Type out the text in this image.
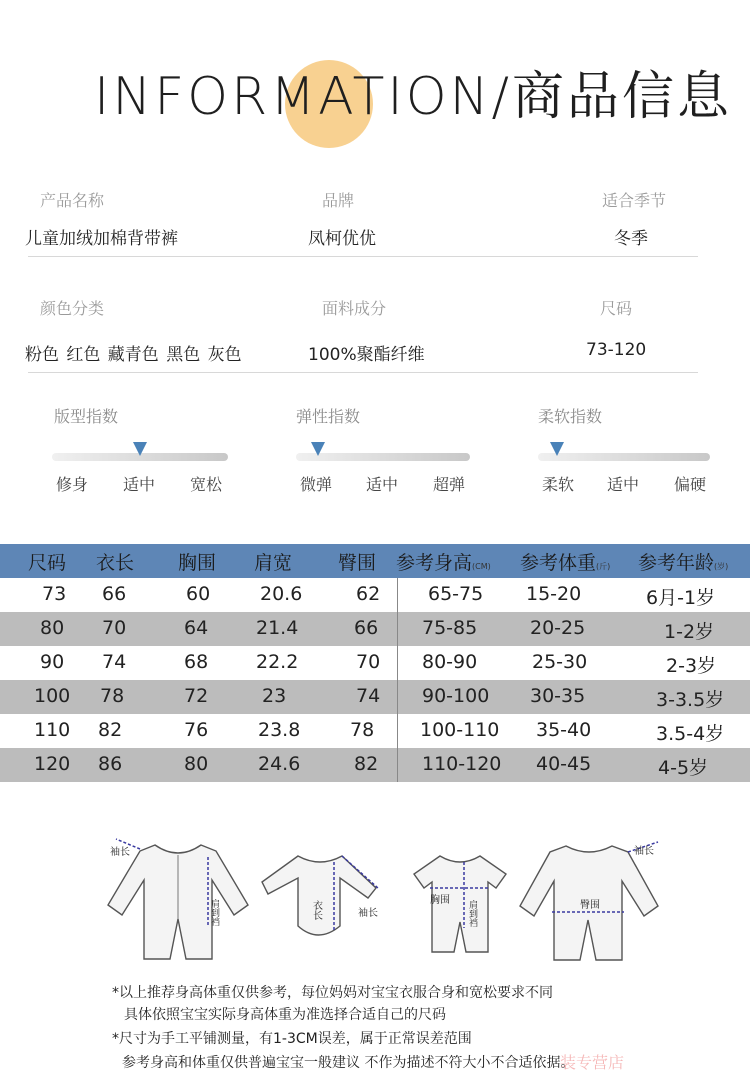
INFORMATION/商品信息
产品名称	品牌	适合季节
儿童加绒加棉背带裤	凤柯优优	冬季
颜色分类	面料成分	尺码
粉色 红色 藏青色 黑色 灰色	100%聚酯纤维	73-120
版型指数
修身 适中 宽松
弹性指数
微弹 适中 超弹
柔软指数
柔软 适中 偏硬
尺码 衣长 胸围 肩宽 臀围 参考身高(CM) 参考体重(斤) 参考年龄(岁)
73 66	60	20.6	62	65-75 15-20	6月-1岁
80 70	64	21.4	66 75-85	20-25	1-2岁
90 74	68	22.2	70 80-90	25-30	2-3岁
100 78	72	23	74 90-100 30-35	3-3.5岁
110 82	76	23.8	78 100-110 35-40	3.5-4岁
120 86	80	24.6	82 110-120 40-45	4-5岁
袖长
肩到裆	衣长	袖长
胸围 肩到裆
袖长
臀围
*以上推荐身高体重仅供参考，每位妈妈对宝宝衣服合身和宽松要求不同
具体依照宝宝实际身高体重为准选择合适自己的尺码
*尺寸为手工平铺测量，有1-3CM误差，属于正常误差范围
参考身高和体重仅供普遍宝宝一般建议 不作为描述不符大小不合适依据。
装专营店
